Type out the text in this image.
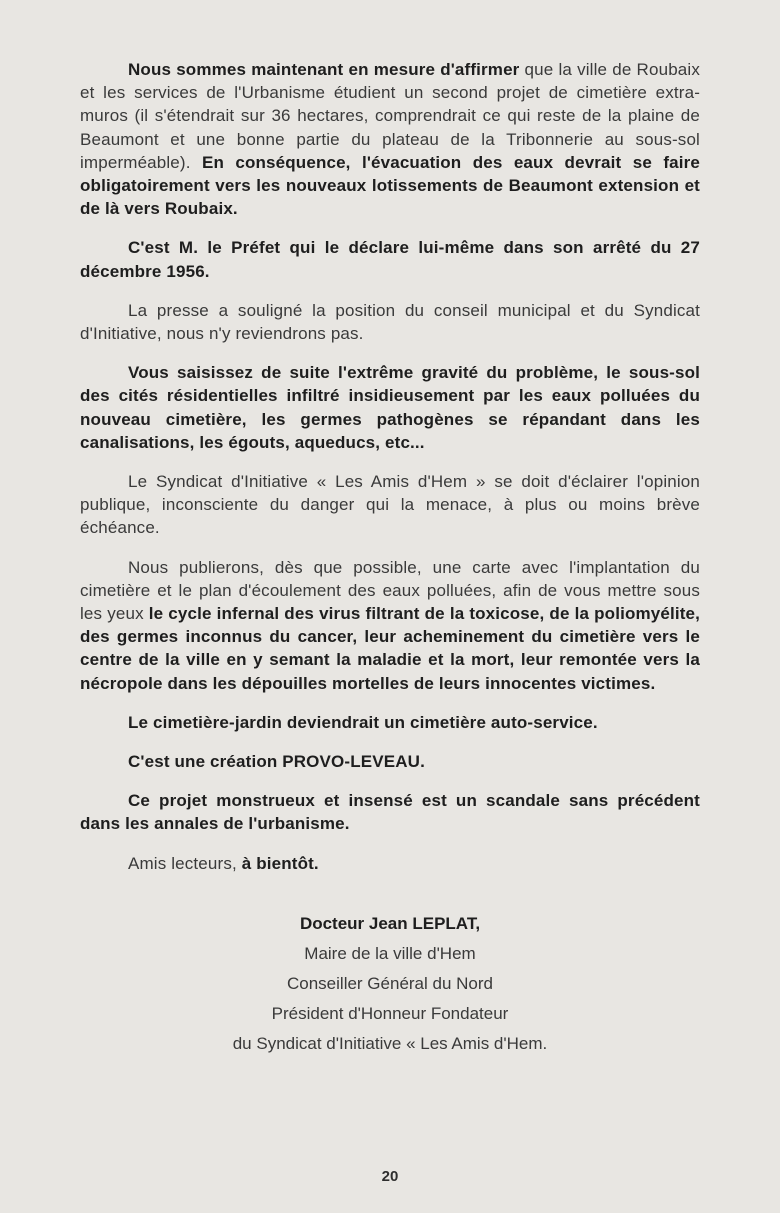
Nous sommes maintenant en mesure d'affirmer que la ville de Roubaix et les services de l'Urbanisme étudient un second projet de cimetière extra-muros (il s'étendrait sur 36 hectares, comprendrait ce qui reste de la plaine de Beaumont et une bonne partie du plateau de la Tribonnerie au sous-sol imperméable). En conséquence, l'évacuation des eaux devrait se faire obligatoirement vers les nouveaux lotissements de Beaumont extension et de là vers Roubaix.

C'est M. le Préfet qui le déclare lui-même dans son arrêté du 27 décembre 1956.

La presse a souligné la position du conseil municipal et du Syndicat d'Initiative, nous n'y reviendrons pas.

Vous saisissez de suite l'extrême gravité du problème, le sous-sol des cités résidentielles infiltré insidieusement par les eaux polluées du nouveau cimetière, les germes pathogènes se répandant dans les canalisations, les égouts, aqueducs, etc...

Le Syndicat d'Initiative « Les Amis d'Hem » se doit d'éclairer l'opinion publique, inconsciente du danger qui la menace, à plus ou moins brève échéance.

Nous publierons, dès que possible, une carte avec l'implantation du cimetière et le plan d'écoulement des eaux polluées, afin de vous mettre sous les yeux le cycle infernal des virus filtrant de la toxicose, de la poliomyélite, des germes inconnus du cancer, leur acheminement du cimetière vers le centre de la ville en y semant la maladie et la mort, leur remontée vers la nécropole dans les dépouilles mortelles de leurs innocentes victimes.

Le cimetière-jardin deviendrait un cimetière auto-service.

C'est une création PROVO-LEVEAU.

Ce projet monstrueux et insensé est un scandale sans précédent dans les annales de l'urbanisme.

Amis lecteurs, à bientôt.

Docteur Jean LEPLAT,
Maire de la ville d'Hem
Conseiller Général du Nord
Président d'Honneur Fondateur
du Syndicat d'Initiative « Les Amis d'Hem.
20
